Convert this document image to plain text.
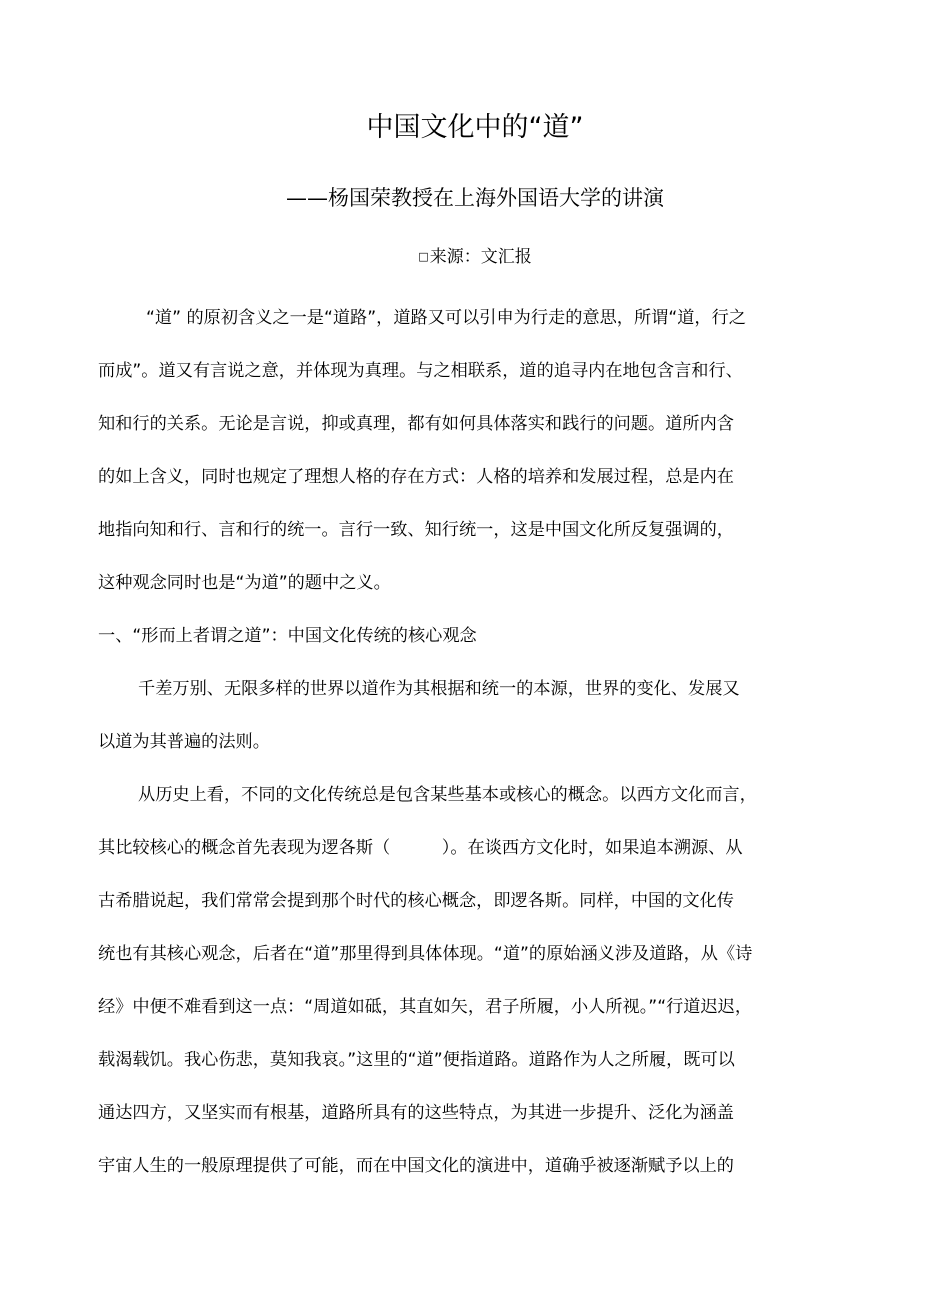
中国文化中的“道”
——杨国荣教授在上海外国语大学的讲演
□来源：文汇报
“道” 的原初含义之一是“道路”，道路又可以引申为行走的意思，所谓“道，行之
而成”。道又有言说之意，并体现为真理。与之相联系，道的追寻内在地包含言和行、
知和行的关系。无论是言说，抑或真理，都有如何具体落实和践行的问题。道所内含
的如上含义，同时也规定了理想人格的存在方式：人格的培养和发展过程，总是内在
地指向知和行、言和行的统一。言行一致、知行统一，这是中国文化所反复强调的，
这种观念同时也是“为道”的题中之义。
一、“形而上者谓之道”：中国文化传统的核心观念
千差万别、无限多样的世界以道作为其根据和统一的本源，世界的变化、发展又
以道为其普遍的法则。
从历史上看，不同的文化传统总是包含某些基本或核心的概念。以西方文化而言，
其比较核心的概念首先表现为逻各斯（　　　）。在谈西方文化时，如果追本溯源、从
古希腊说起，我们常常会提到那个时代的核心概念，即逻各斯。同样，中国的文化传
统也有其核心观念，后者在“道”那里得到具体体现。“道”的原始涵义涉及道路，从《诗
经》中便不难看到这一点：“周道如砥，其直如矢，君子所履，小人所视。”“行道迟迟，
载渴载饥。我心伤悲，莫知我哀。”这里的“道”便指道路。道路作为人之所履，既可以
通达四方，又坚实而有根基，道路所具有的这些特点，为其进一步提升、泛化为涵盖
宇宙人生的一般原理提供了可能，而在中国文化的演进中，道确乎被逐渐赋予以上的
